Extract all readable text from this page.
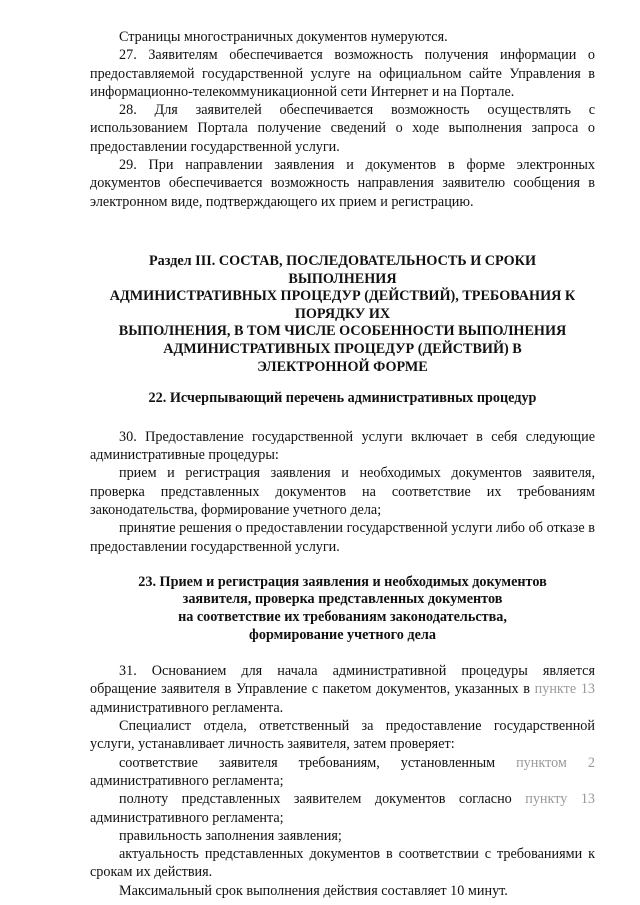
Страницы многостраничных документов нумеруются.

27. Заявителям обеспечивается возможность получения информации о предоставляемой государственной услуге на официальном сайте Управления в информационно-телекоммуникационной сети Интернет и на Портале.

28. Для заявителей обеспечивается возможность осуществлять с использованием Портала получение сведений о ходе выполнения запроса о предоставлении государственной услуги.

29. При направлении заявления и документов в форме электронных документов обеспечивается возможность направления заявителю сообщения в электронном виде, подтверждающего их прием и регистрацию.

Раздел III. СОСТАВ, ПОСЛЕДОВАТЕЛЬНОСТЬ И СРОКИ
ВЫПОЛНЕНИЯ
АДМИНИСТРАТИВНЫХ ПРОЦЕДУР (ДЕЙСТВИЙ), ТРЕБОВАНИЯ К
ПОРЯДКУ ИХ
ВЫПОЛНЕНИЯ, В ТОМ ЧИСЛЕ ОСОБЕННОСТИ ВЫПОЛНЕНИЯ
АДМИНИСТРАТИВНЫХ ПРОЦЕДУР (ДЕЙСТВИЙ) В
ЭЛЕКТРОННОЙ ФОРМЕ
22. Исчерпывающий перечень административных процедур

30. Предоставление государственной услуги включает в себя следующие административные процедуры:

прием и регистрация заявления и необходимых документов заявителя, проверка представленных документов на соответствие их требованиям законодательства, формирование учетного дела;

принятие решения о предоставлении государственной услуги либо об отказе в предоставлении государственной услуги.

23. Прием и регистрация заявления и необходимых документов
заявителя, проверка представленных документов
на соответствие их требованиям законодательства,
формирование учетного дела

31. Основанием для начала административной процедуры является обращение заявителя в Управление с пакетом документов, указанных в пункте 13 административного регламента.

Специалист отдела, ответственный за предоставление государственной услуги, устанавливает личность заявителя, затем проверяет:

соответствие заявителя требованиям, установленным пунктом 2 административного регламента;

полноту представленных заявителем документов согласно пункту 13 административного регламента;

правильность заполнения заявления;

актуальность представленных документов в соответствии с требованиями к срокам их действия.

Максимальный срок выполнения действия составляет 10 минут.
